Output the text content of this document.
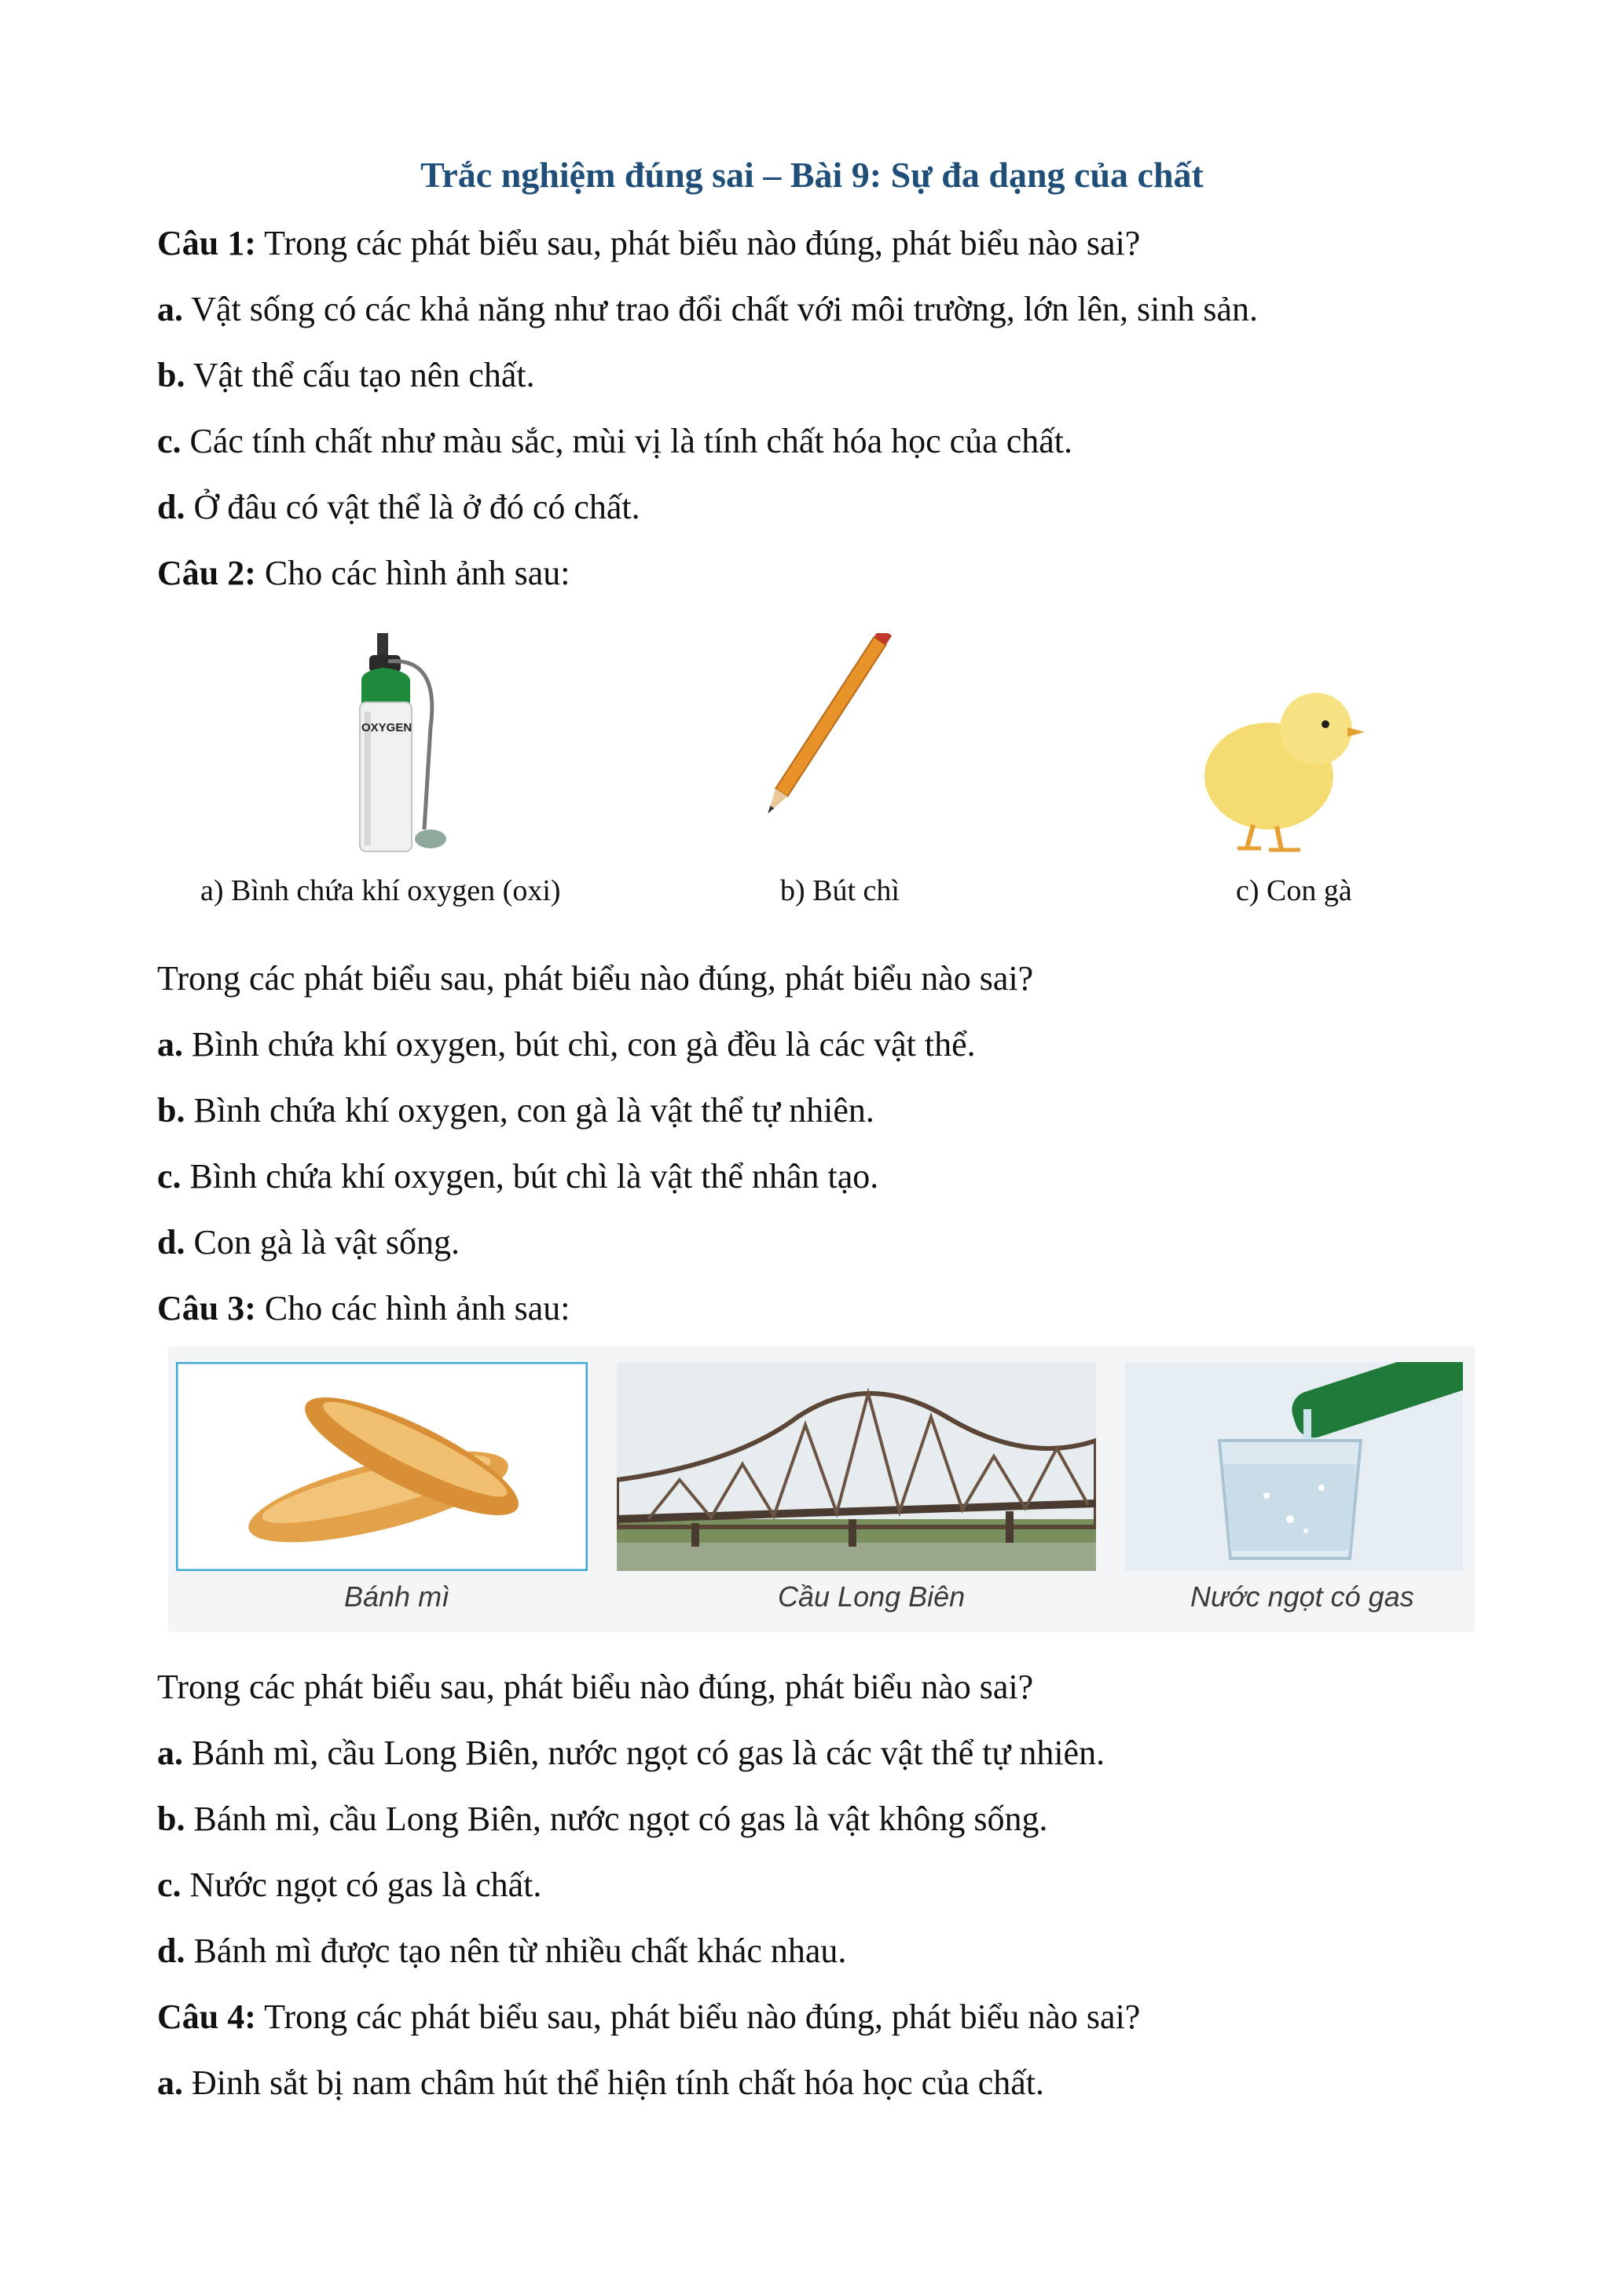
Trắc nghiệm đúng sai – Bài 9: Sự đa dạng của chất
Câu 1: Trong các phát biểu sau, phát biểu nào đúng, phát biểu nào sai?
a. Vật sống có các khả năng như trao đổi chất với môi trường, lớn lên, sinh sản.
b. Vật thể cấu tạo nên chất.
c. Các tính chất như màu sắc, mùi vị là tính chất hóa học của chất.
d. Ở đâu có vật thể là ở đó có chất.
Câu 2: Cho các hình ảnh sau:
OXYGEN
a) Bình chứa khí oxygen (oxi)	b) Bút chì	c) Con gà
Trong các phát biểu sau, phát biểu nào đúng, phát biểu nào sai?
a. Bình chứa khí oxygen, bút chì, con gà đều là các vật thể.
b. Bình chứa khí oxygen, con gà là vật thể tự nhiên.
c. Bình chứa khí oxygen, bút chì là vật thể nhân tạo.
d. Con gà là vật sống.
Câu 3: Cho các hình ảnh sau:
Bánh mì	Cầu Long Biên	Nước ngọt có gas
Trong các phát biểu sau, phát biểu nào đúng, phát biểu nào sai?
a. Bánh mì, cầu Long Biên, nước ngọt có gas là các vật thể tự nhiên.
b. Bánh mì, cầu Long Biên, nước ngọt có gas là vật không sống.
c. Nước ngọt có gas là chất.
d. Bánh mì được tạo nên từ nhiều chất khác nhau.
Câu 4: Trong các phát biểu sau, phát biểu nào đúng, phát biểu nào sai?
a. Đinh sắt bị nam châm hút thể hiện tính chất hóa học của chất.
